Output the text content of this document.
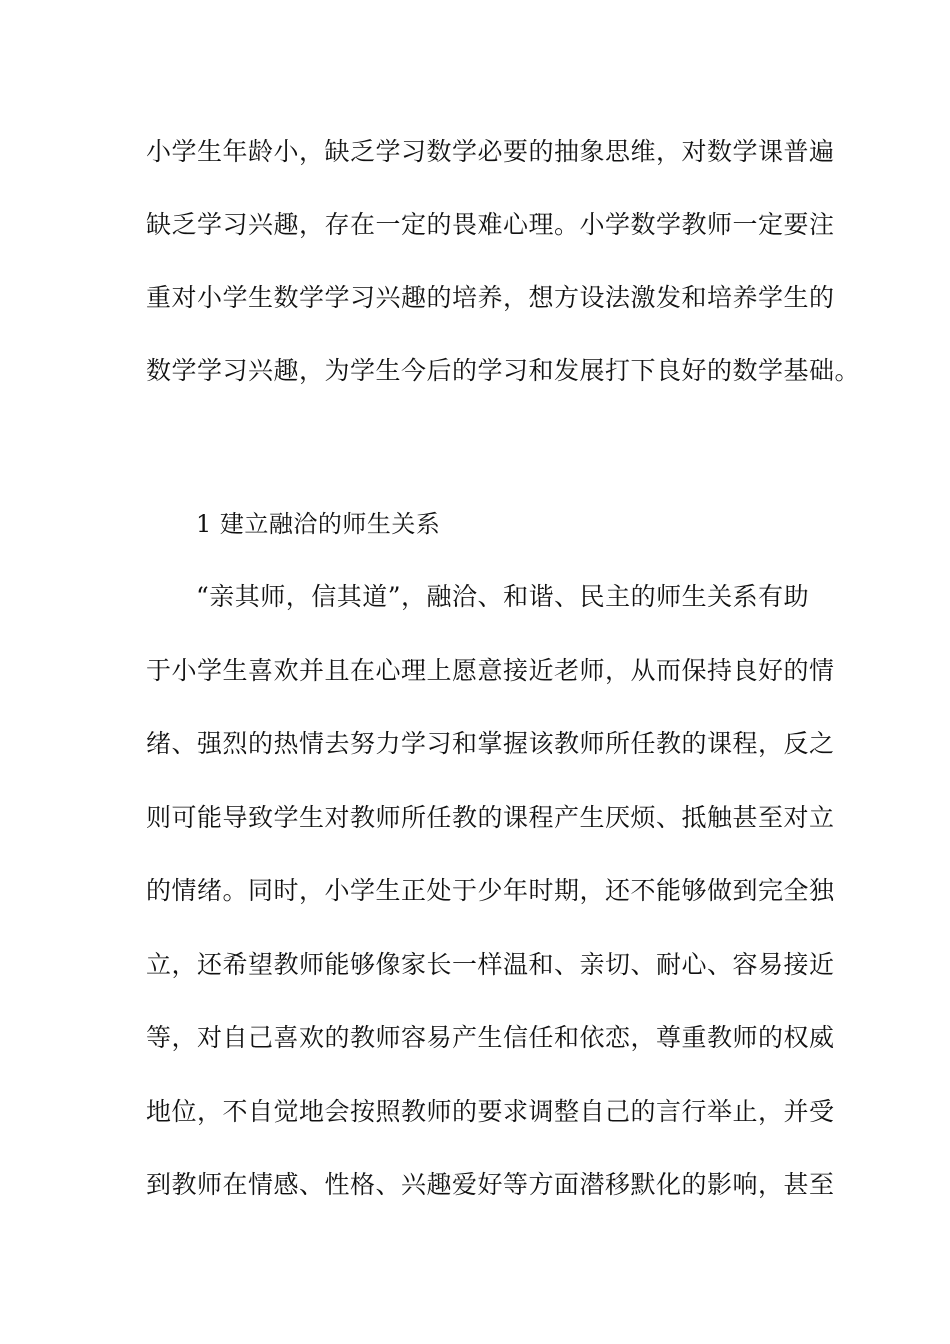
小学生年龄小，缺乏学习数学必要的抽象思维，对数学课普遍
缺乏学习兴趣，存在一定的畏难心理。小学数学教师一定要注
重对小学生数学学习兴趣的培养，想方设法激发和培养学生的
数学学习兴趣，为学生今后的学习和发展打下良好的数学基础。
1 建立融洽的师生关系
“亲其师，信其道”，融洽、和谐、民主的师生关系有助
于小学生喜欢并且在心理上愿意接近老师，从而保持良好的情
绪、强烈的热情去努力学习和掌握该教师所任教的课程，反之
则可能导致学生对教师所任教的课程产生厌烦、抵触甚至对立
的情绪。同时，小学生正处于少年时期，还不能够做到完全独
立，还希望教师能够像家长一样温和、亲切、耐心、容易接近
等，对自己喜欢的教师容易产生信任和依恋，尊重教师的权威
地位，不自觉地会按照教师的要求调整自己的言行举止，并受
到教师在情感、性格、兴趣爱好等方面潜移默化的影响，甚至
